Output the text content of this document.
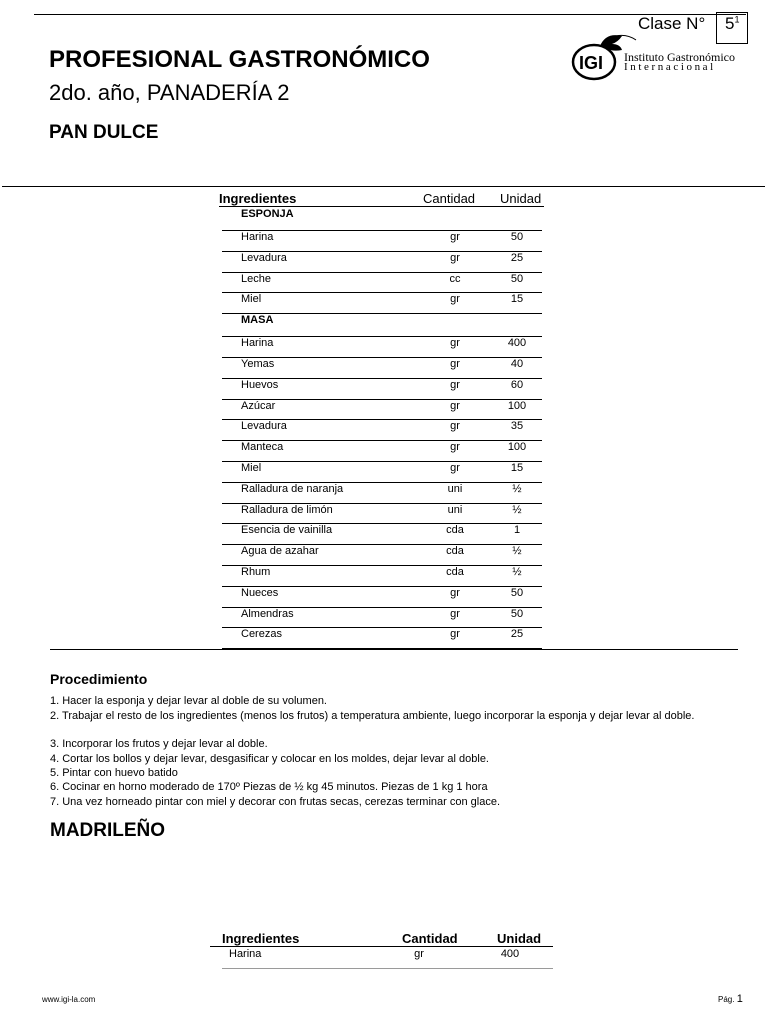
Clase N° $5^1$
PROFESIONAL GASTRONÓMICO
2do. año, PANADERÍA 2
PAN DULCE
IGI Instituto Gastronómico
Internacional
Ingredientes	Cantidad Unidad
ESPONJA
Harina	gr	50
Levadura	gr	25
Leche	cc	50
Miel	gr	15
MASA
Harina	gr	400
Yemas	gr	40
Huevos	gr	60
Azúcar	gr	100
Levadura	gr	35
Manteca	gr	100
Miel	gr	15
Ralladura de naranja	uni	½
Ralladura de limón	uni	½
Esencia de vainilla	cda	1
Agua de azahar	cda	½
Rhum	cda	½
Nueces	gr	50
Almendras	gr	50
Cerezas	gr	25
Procedimiento
1. Hacer la esponja y dejar levar al doble de su volumen.
2. Trabajar el resto de los ingredientes (menos los frutos) a temperatura ambiente, luego incorporar la esponja y dejar levar al doble.
3. Incorporar los frutos y dejar levar al doble.
4. Cortar los bollos y dejar levar, desgasificar y colocar en los moldes, dejar levar al doble.
5. Pintar con huevo batido
6. Cocinar en horno moderado de 170º Piezas de ½ kg 45 minutos. Piezas de 1 kg 1 hora
7. Una vez horneado pintar con miel y decorar con frutas secas, cerezas terminar con glace.
MADRILEÑO
Ingredientes	Cantidad	Unidad
Harina	gr	400
www.igi-la.com	Pág. 1
